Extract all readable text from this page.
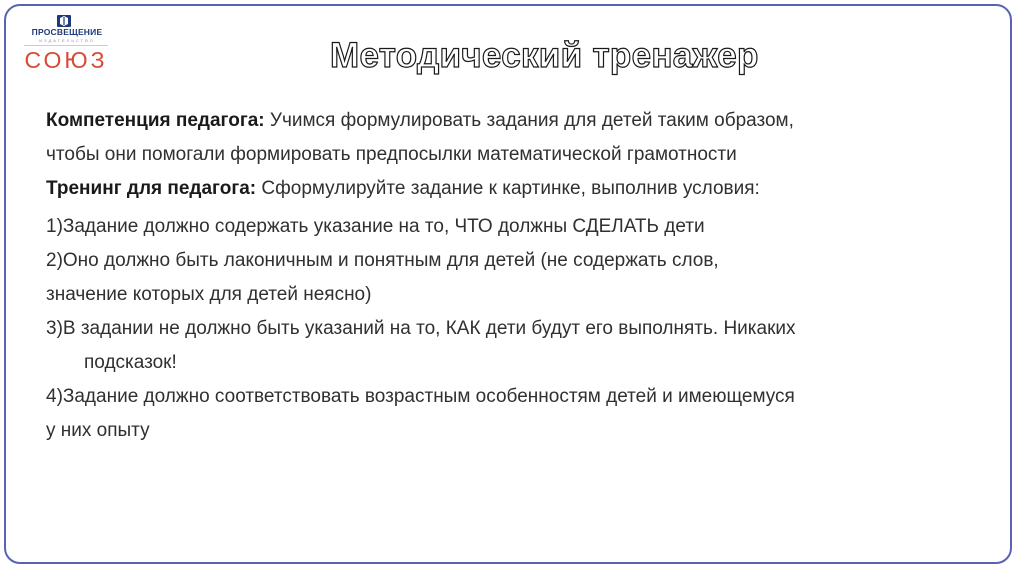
ПРОСВЕЩЕНИЕ
ИЗДАТЕЛЬСТВО
СОЮЗ	Методический тренажер

Компетенция педагога: Учимся формулировать задания для детей таким образом,

чтобы они помогали формировать предпосылки математической грамотности

Тренинг для педагога: Сформулируйте задание к картинке, выполнив условия:

1)Задание должно содержать указание на то, ЧТО должны СДЕЛАТЬ дети

2)Оно должно быть лаконичным и понятным для детей (не содержать слов,

значение которых для детей неясно)

3)В задании не должно быть указаний на то, КАК дети будут его выполнять. Никаких

подсказок!

4)Задание должно соответствовать возрастным особенностям детей и имеющемуся

у них опыту
